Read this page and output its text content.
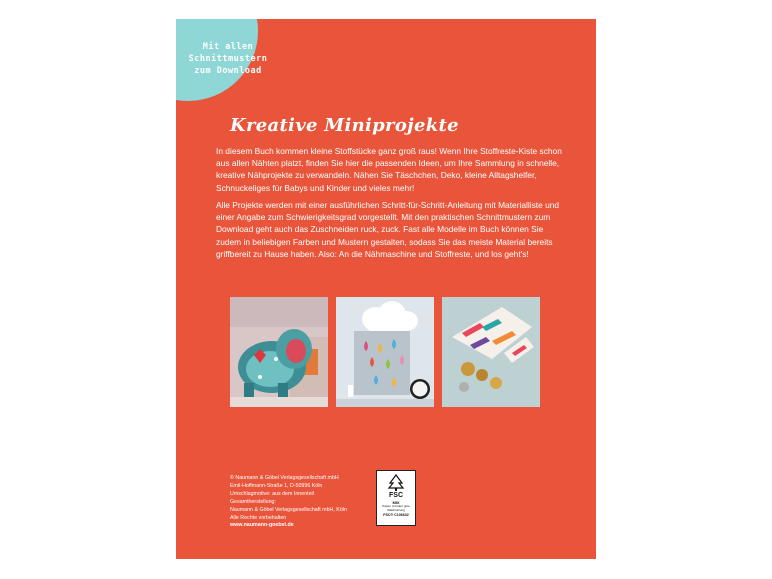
Mit allen
Schnittmustern
zum Download
Kreative Miniprojekte

In diesem Buch kommen kleine Stoffstücke ganz groß raus! Wenn Ihre Stoffreste-Kiste schon aus allen Nähten platzt, finden Sie hier die passenden Ideen, um Ihre Sammlung in schnelle, kreative Nähprojekte zu verwandeln. Nähen Sie Täschchen, Deko, kleine Alltagshelfer, Schnuckeliges für Babys und Kinder und vieles mehr!

Alle Projekte werden mit einer ausführlichen Schritt-für-Schritt-Anleitung mit Materialliste und einer Angabe zum Schwierigkeitsgrad vorgestellt. Mit den praktischen Schnittmustern zum Download geht auch das Zuschneiden ruck, zuck. Fast alle Modelle im Buch können Sie zudem in beliebigen Farben und Mustern gestalten, sodass Sie das meiste Material bereits griffbereit zu Hause haben. Also: An die Nähmaschine und Stoffreste, und los geht's!

© Naumann & Göbel Verlagsgesellschaft mbH
Emil-Hoffmann-Straße 1, D-50996 Köln
Umschlagmotive: aus dem Innenteil
Gesamtherstellung:
Naumann & Göbel Verlagsgesellschaft mbH, Köln
Alle Rechte vorbehalten
www.naumann-goebel.de
FSC
MIX
Papier | Fördert gute Waldnutzung
FSC® C106632
